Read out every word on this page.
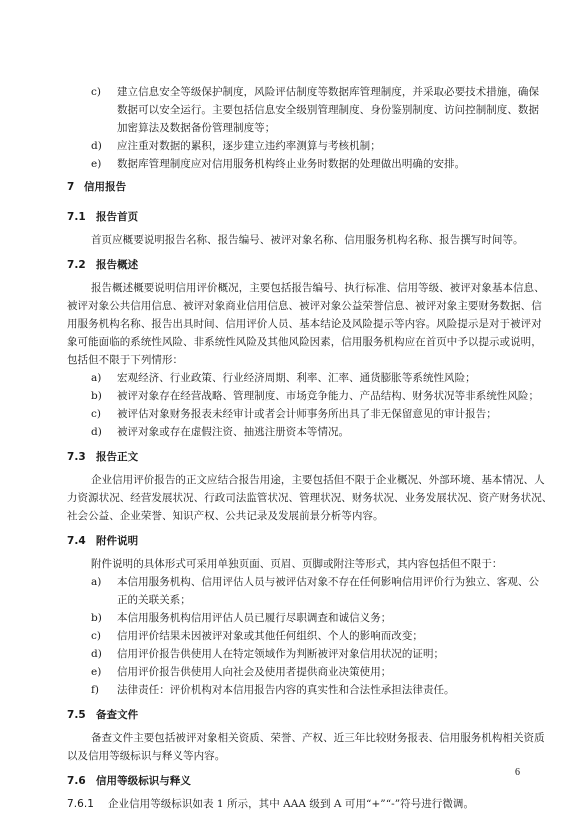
c) 建立信息安全等级保护制度，风险评估制度等数据库管理制度，并采取必要技术措施，确保
数据可以安全运行。主要包括信息安全级别管理制度、身份鉴别制度、访问控制制度、数据
加密算法及数据备份管理制度等；
d) 应注重对数据的累积，逐步建立违约率测算与考核机制；
e) 数据库管理制度应对信用服务机构终止业务时数据的处理做出明确的安排。
7 信用报告
7.1 报告首页
首页应概要说明报告名称、报告编号、被评对象名称、信用服务机构名称、报告撰写时间等。
7.2 报告概述
报告概述概要说明信用评价概况，主要包括报告编号、执行标准、信用等级、被评对象基本信息、
被评对象公共信用信息、被评对象商业信用信息、被评对象公益荣誉信息、被评对象主要财务数据、信
用服务机构名称、报告出具时间、信用评价人员、基本结论及风险提示等内容。风险提示是对于被评对
象可能面临的系统性风险、非系统性风险及其他风险因素，信用服务机构应在首页中予以提示或说明，
包括但不限于下列情形：
a) 宏观经济、行业政策、行业经济周期、利率、汇率、通货膨胀等系统性风险；
b) 被评对象存在经营战略、管理制度、市场竞争能力、产品结构、财务状况等非系统性风险；
c) 被评估对象财务报表未经审计或者会计师事务所出具了非无保留意见的审计报告；
d) 被评对象或存在虚假注资、抽逃注册资本等情况。
7.3 报告正文
企业信用评价报告的正文应结合报告用途，主要包括但不限于企业概况、外部环境、基本情况、人
力资源状况、经营发展状况、行政司法监管状况、管理状况、财务状况、业务发展状况、资产财务状况、
社会公益、企业荣誉、知识产权、公共记录及发展前景分析等内容。
7.4 附件说明
附件说明的具体形式可采用单独页面、页眉、页脚或附注等形式，其内容包括但不限于：
a) 本信用服务机构、信用评估人员与被评估对象不存在任何影响信用评价行为独立、客观、公
正的关联关系；
b) 本信用服务机构信用评估人员已履行尽职调查和诚信义务；
c) 信用评价结果未因被评对象或其他任何组织、个人的影响而改变；
d) 信用评价报告供使用人在特定领域作为判断被评对象信用状况的证明；
e) 信用评价报告供使用人向社会及使用者提供商业决策使用；
f) 法律责任：评价机构对本信用报告内容的真实性和合法性承担法律责任。
7.5 备查文件
备查文件主要包括被评对象相关资质、荣誉、产权、近三年比较财务报表、信用服务机构相关资质
以及信用等级标识与释义等内容。
7.6 信用等级标识与释义
7.6.1 企业信用等级标识如表 1 所示，其中 AAA 级到 A 可用“+”“-”符号进行微调。
6
